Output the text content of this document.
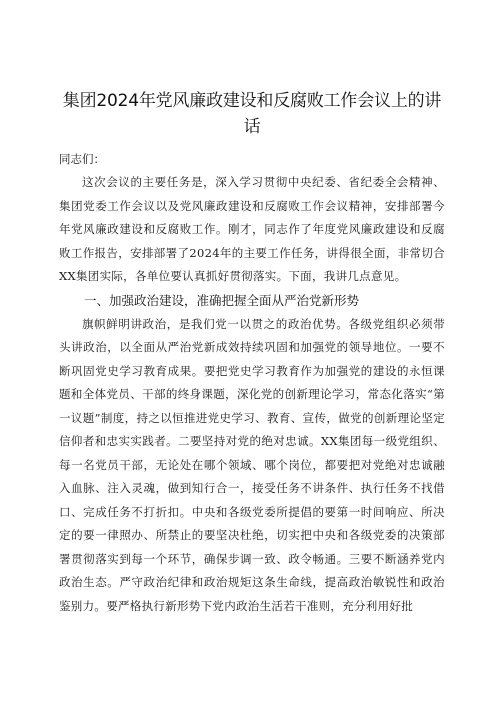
集团2024年党风廉政建设和反腐败工作会议上的讲话

同志们：

这次会议的主要任务是，深入学习贯彻中央纪委、省纪委全会精神、集团党委工作会议以及党风廉政建设和反腐败工作会议精神，安排部署今年党风廉政建设和反腐败工作。刚才，同志作了年度党风廉政建设和反腐败工作报告，安排部署了2024年的主要工作任务，讲得很全面，非常切合XX集团实际，各单位要认真抓好贯彻落实。下面，我讲几点意见。

一、加强政治建设，准确把握全面从严治党新形势

旗帜鲜明讲政治，是我们党一以贯之的政治优势。各级党组织必须带头讲政治，以全面从严治党新成效持续巩固和加强党的领导地位。一要不断巩固党史学习教育成果。要把党史学习教育作为加强党的建设的永恒课题和全体党员、干部的终身课题，深化党的创新理论学习，常态化落实“第一议题”制度，持之以恒推进党史学习、教育、宣传，做党的创新理论坚定信仰者和忠实实践者。二要坚持对党的绝对忠诚。XX集团每一级党组织、每一名党员干部，无论处在哪个领域、哪个岗位，都要把对党绝对忠诚融入血脉、注入灵魂，做到知行合一，接受任务不讲条件、执行任务不找借口、完成任务不打折扣。中央和各级党委所提倡的要第一时间响应、所决定的要一律照办、所禁止的要坚决杜绝，切实把中央和各级党委的决策部署贯彻落实到每一个环节，确保步调一致、政令畅通。三要不断涵养党内政治生态。严守政治纪律和政治规矩这条生命线，提高政治敏锐性和政治鉴别力。要严格执行新形势下党内政治生活若干准则，充分利用好批
